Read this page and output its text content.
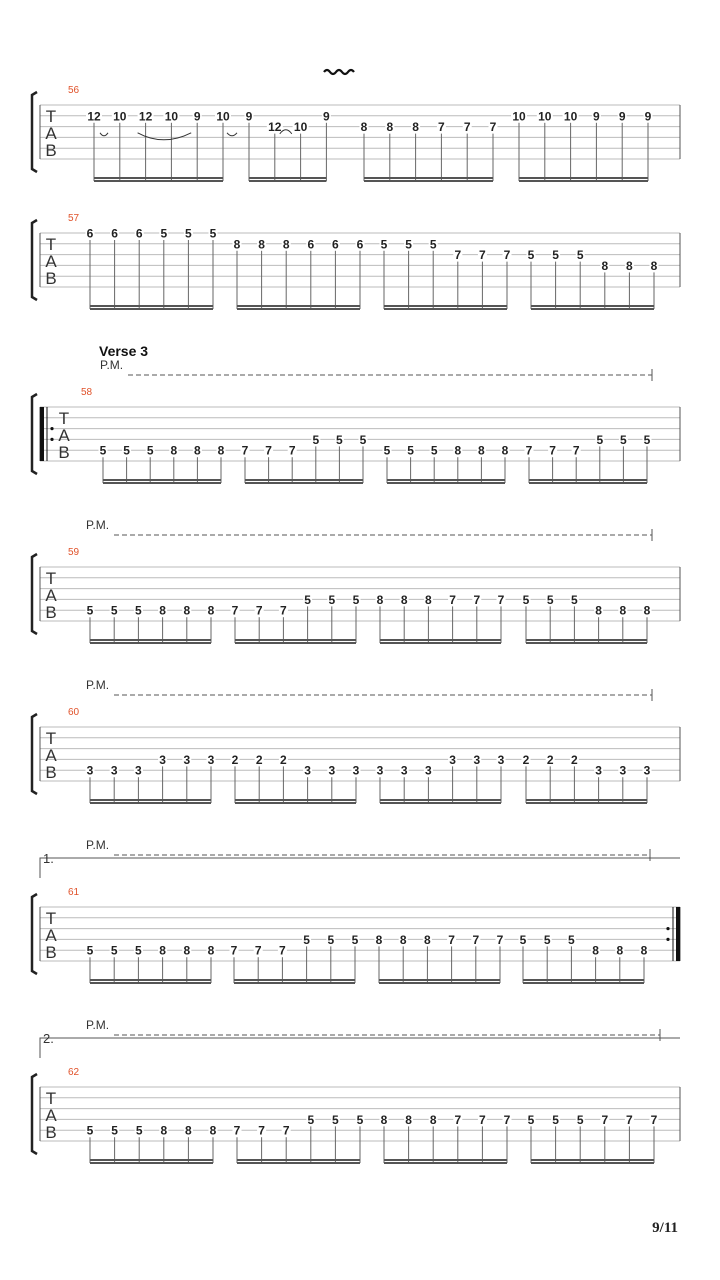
T
A
B
56
12 10 12 10 9 10 9
12 10
9
8 8 8 7 7 7
10 10 10 9 9 9
T
A
B
57
6 6 6 5 5 5
8 8 8 6 6 6 5 5 5
7 7 7 5 5 5
8 8 8
T
A
B
58
Verse 3
P.M.
5 5 5 8 8 8 7 7 7
5 5 5
5 5 5 8 8 8 7 7 7
5 5 5
T
A
B
59
P.M.
5 5 5 8 8 8 7 7 7
5 5 5 8 8 8 7 7 7 5 5 5
8 8 8
T
A
B
60
P.M.
3 3 3
3 3 3 2 2 2
3 3 3 3 3 3
3 3 3 2 2 2
3 3 3
T
A
B
61
1.
P.M.
5 5 5 8 8 8 7 7 7
5 5 5 8 8 8 7 7 7 5 5 5
8 8 8
T
A
B
62
2.
P.M.
5 5 5 8 8 8 7 7 7
5 5 5 8 8 8 7 7 7 5 5 5 7 7 7
9/11
